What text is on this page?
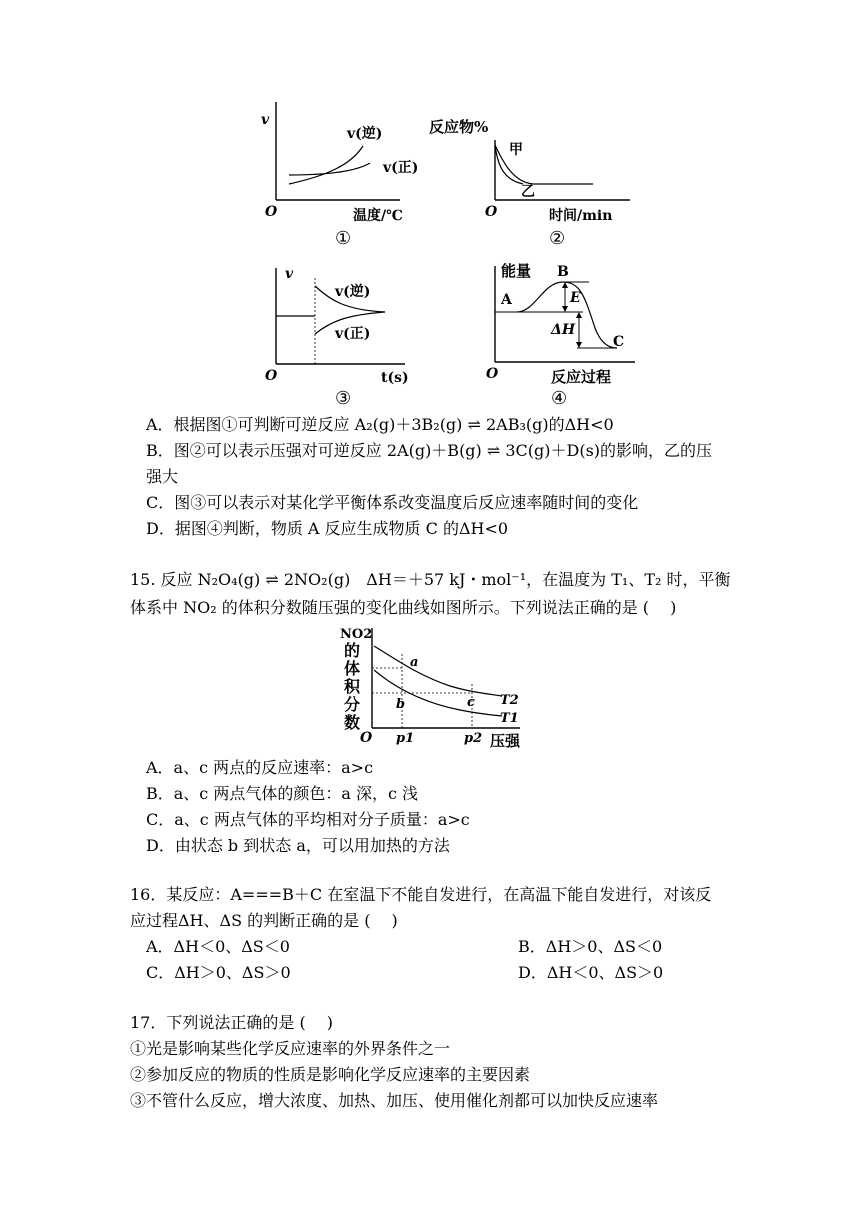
v
v(逆)
v(正)
O	温度/℃
①
反应物%
甲
乙
O	时间/min
②
v
v(逆)
v(正)
O	t(s)
③
能量
A
B
C
E
ΔH
O	反应过程
④
A．根据图①可判断可逆反应 A₂(g)＋3B₂(g) ⇌ 2AB₃(g)的ΔH<0
B．图②可以表示压强对可逆反应 2A(g)＋B(g) ⇌ 3C(g)＋D(s)的影响，乙的压
强大
C．图③可以表示对某化学平衡体系改变温度后反应速率随时间的变化
D．据图④判断，物质 A 反应生成物质 C 的ΔH<0
15. 反应 N₂O₄(g) ⇌ 2NO₂(g)　ΔH＝＋57 kJ・mol⁻¹，在温度为 T₁、T₂ 时，平衡
体系中 NO₂ 的体积分数随压强的变化曲线如图所示。下列说法正确的是 (　 )
NO2
的
体
积
分
数
a
b	c T2
T1
O p1	p2 压强
A．a、c 两点的反应速率：a>c
B．a、c 两点气体的颜色：a 深，c 浅
C．a、c 两点气体的平均相对分子质量：a>c
D．由状态 b 到状态 a，可以用加热的方法
16．某反应：A===B＋C 在室温下不能自发进行，在高温下能自发进行，对该反
应过程ΔH、ΔS 的判断正确的是 (　 )
A．ΔH＜0、ΔS＜0	B．ΔH＞0、ΔS＜0
C．ΔH＞0、ΔS＞0	D．ΔH＜0、ΔS＞0
17．下列说法正确的是 (　 )
①光是影响某些化学反应速率的外界条件之一
②参加反应的物质的性质是影响化学反应速率的主要因素
③不管什么反应，增大浓度、加热、加压、使用催化剂都可以加快反应速率
